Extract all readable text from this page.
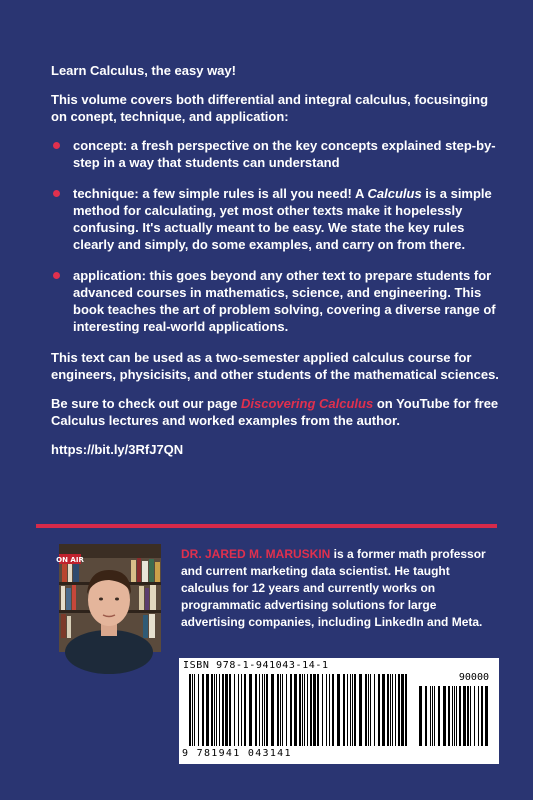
Learn Calculus, the easy way!

This volume covers both differential and integral calculus, focusinging on conept, technique, and application:

concept: a fresh perspective on the key concepts explained step-by-step in a way that students can understand
technique: a few simple rules is all you need! A Calculus is a simple method for calculating, yet most other texts make it hopelessly confusing. It's actually meant to be easy. We state the key rules clearly and simply, do some examples, and carry on from there.
application: this goes beyond any other text to prepare students for advanced courses in mathematics, science, and engineering. This book teaches the art of problem solving, covering a diverse range of interesting real-world applications.

This text can be used as a two-semester applied calculus course for engineers, physicisits, and other students of the mathematical sciences.

Be sure to check out our page Discovering Calculus on YouTube for free Calculus lectures and worked examples from the author.

https://bit.ly/3RfJ7QN

ON AIR	DR. JARED M. MARUSKIN is a former math professor and current marketing data scientist. He taught calculus for 12 years and currently works on programmatic advertising solutions for large advertising companies, including LinkedIn and Meta.

ISBN 978-1-941043-14-1
90000
9 781941 043141
